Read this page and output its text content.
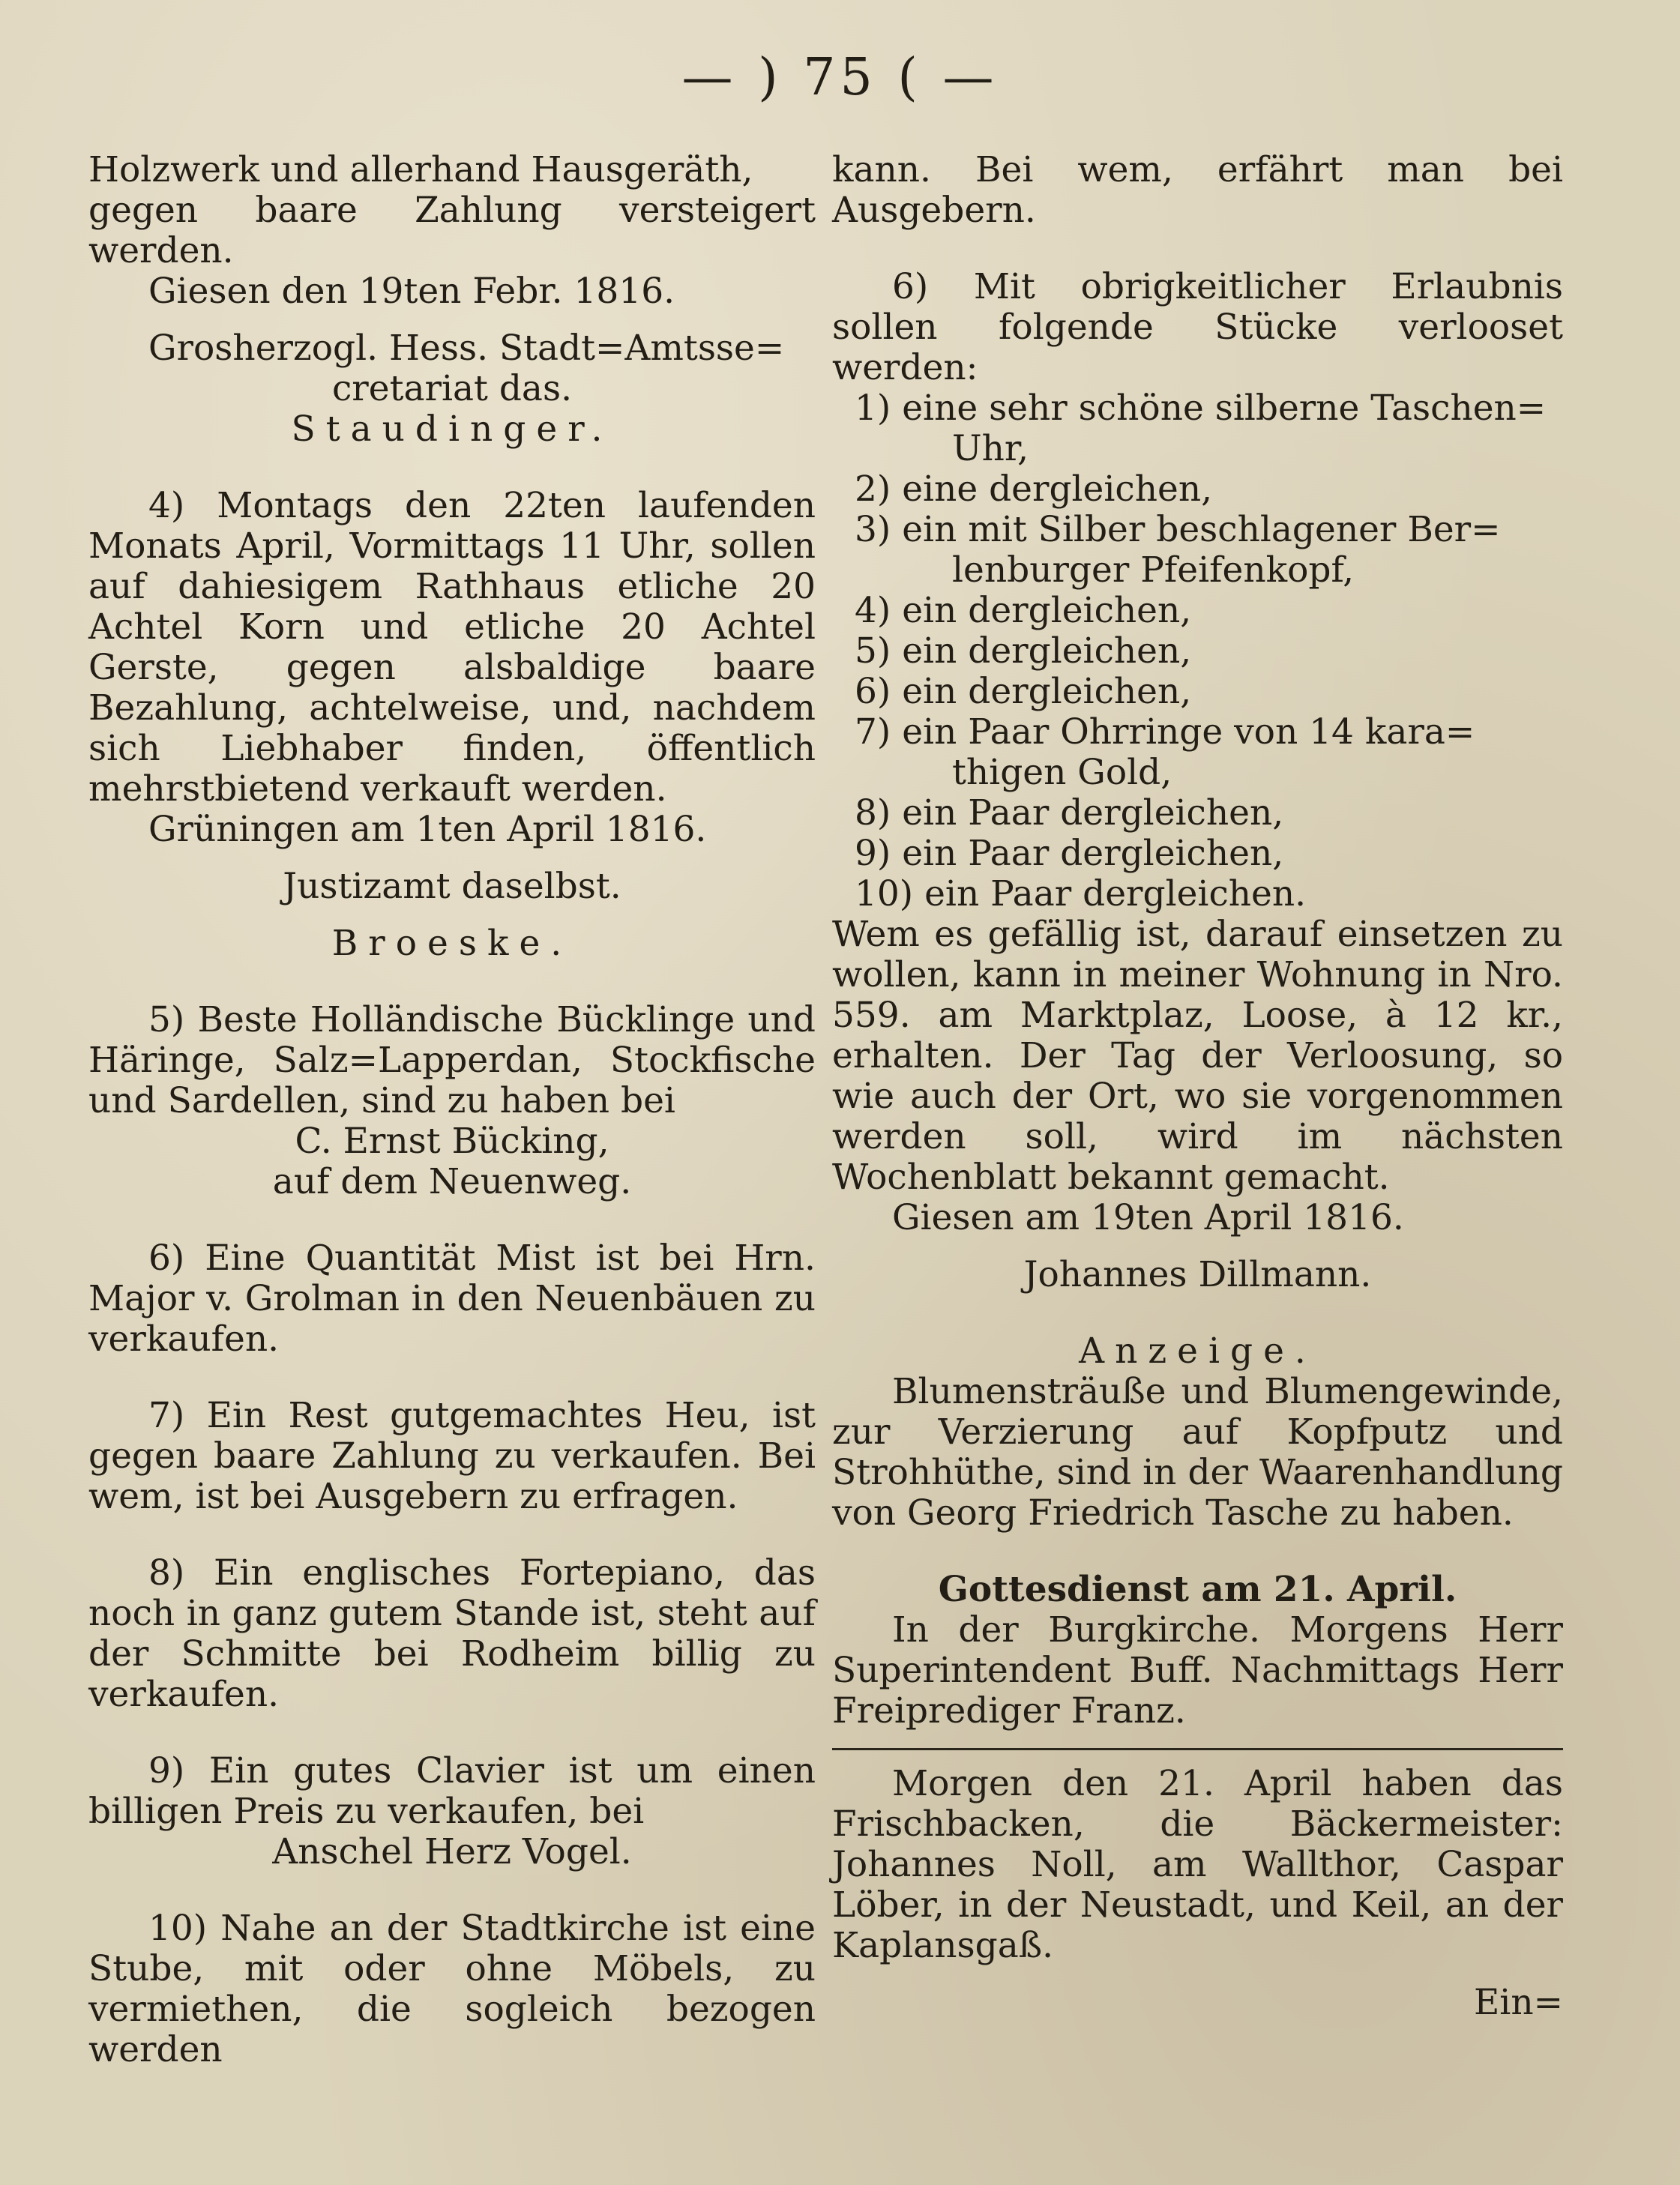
— ) 75 ( —

Holzwerk und allerhand Hausgeräth,

gegen baare Zahlung versteigert werden.

Giesen den 19ten Febr. 1816.

Grosherzogl. Hess. Stadt=Amtsse=

cretariat das.

Staudinger.

4) Montags den 22ten laufenden Monats April, Vormittags 11 Uhr, sollen auf dahiesigem Rathhaus etliche 20 Achtel Korn und etliche 20 Achtel Gerste, gegen alsbaldige baare Bezahlung, achtelweise, und, nachdem sich Liebhaber finden, öffentlich mehrstbietend verkauft werden.

Grüningen am 1ten April 1816.

Justizamt daselbst.

Broeske.

5) Beste Holländische Bücklinge und Häringe, Salz=Lapperdan, Stockfische und Sardellen, sind zu haben bei

C. Ernst Bücking,

auf dem Neuenweg.

6) Eine Quantität Mist ist bei Hrn. Major v. Grolman in den Neuenbäuen zu verkaufen.

7) Ein Rest gutgemachtes Heu, ist gegen baare Zahlung zu verkaufen. Bei wem, ist bei Ausgebern zu erfragen.

8) Ein englisches Fortepiano, das noch in ganz gutem Stande ist, steht auf der Schmitte bei Rodheim billig zu verkaufen.

9) Ein gutes Clavier ist um einen billigen Preis zu verkaufen, bei

Anschel Herz Vogel.

10) Nahe an der Stadtkirche ist eine Stube, mit oder ohne Möbels, zu vermiethen, die sogleich bezogen werden

kann. Bei wem, erfährt man bei Ausgebern.

6) Mit obrigkeitlicher Erlaubnis sollen folgende Stücke verlooset werden:

1) eine sehr schöne silberne Taschen=
Uhr,

2) eine dergleichen,

3) ein mit Silber beschlagener Ber=
lenburger Pfeifenkopf,

4) ein dergleichen,

5) ein dergleichen,

6) ein dergleichen,

7) ein Paar Ohrringe von 14 kara=
thigen Gold,

8) ein Paar dergleichen,

9) ein Paar dergleichen,

10) ein Paar dergleichen.

Wem es gefällig ist, darauf einsetzen zu wollen, kann in meiner Wohnung in Nro. 559. am Marktplaz, Loose, à 12 kr., erhalten. Der Tag der Verloosung, so wie auch der Ort, wo sie vorgenommen werden soll, wird im nächsten Wochenblatt bekannt gemacht.

Giesen am 19ten April 1816.

Johannes Dillmann.

Anzeige.

Blumensträuße und Blumengewinde, zur Verzierung auf Kopfputz und Strohhüthe, sind in der Waarenhandlung von Georg Friedrich Tasche zu haben.

Gottesdienst am 21. April.

In der Burgkirche. Morgens Herr Superintendent Buff. Nachmittags Herr Freiprediger Franz.

Morgen den 21. April haben das Frischbacken, die Bäckermeister: Johannes Noll, am Wallthor, Caspar Löber, in der Neustadt, und Keil, an der Kaplansgaß.

Ein=
